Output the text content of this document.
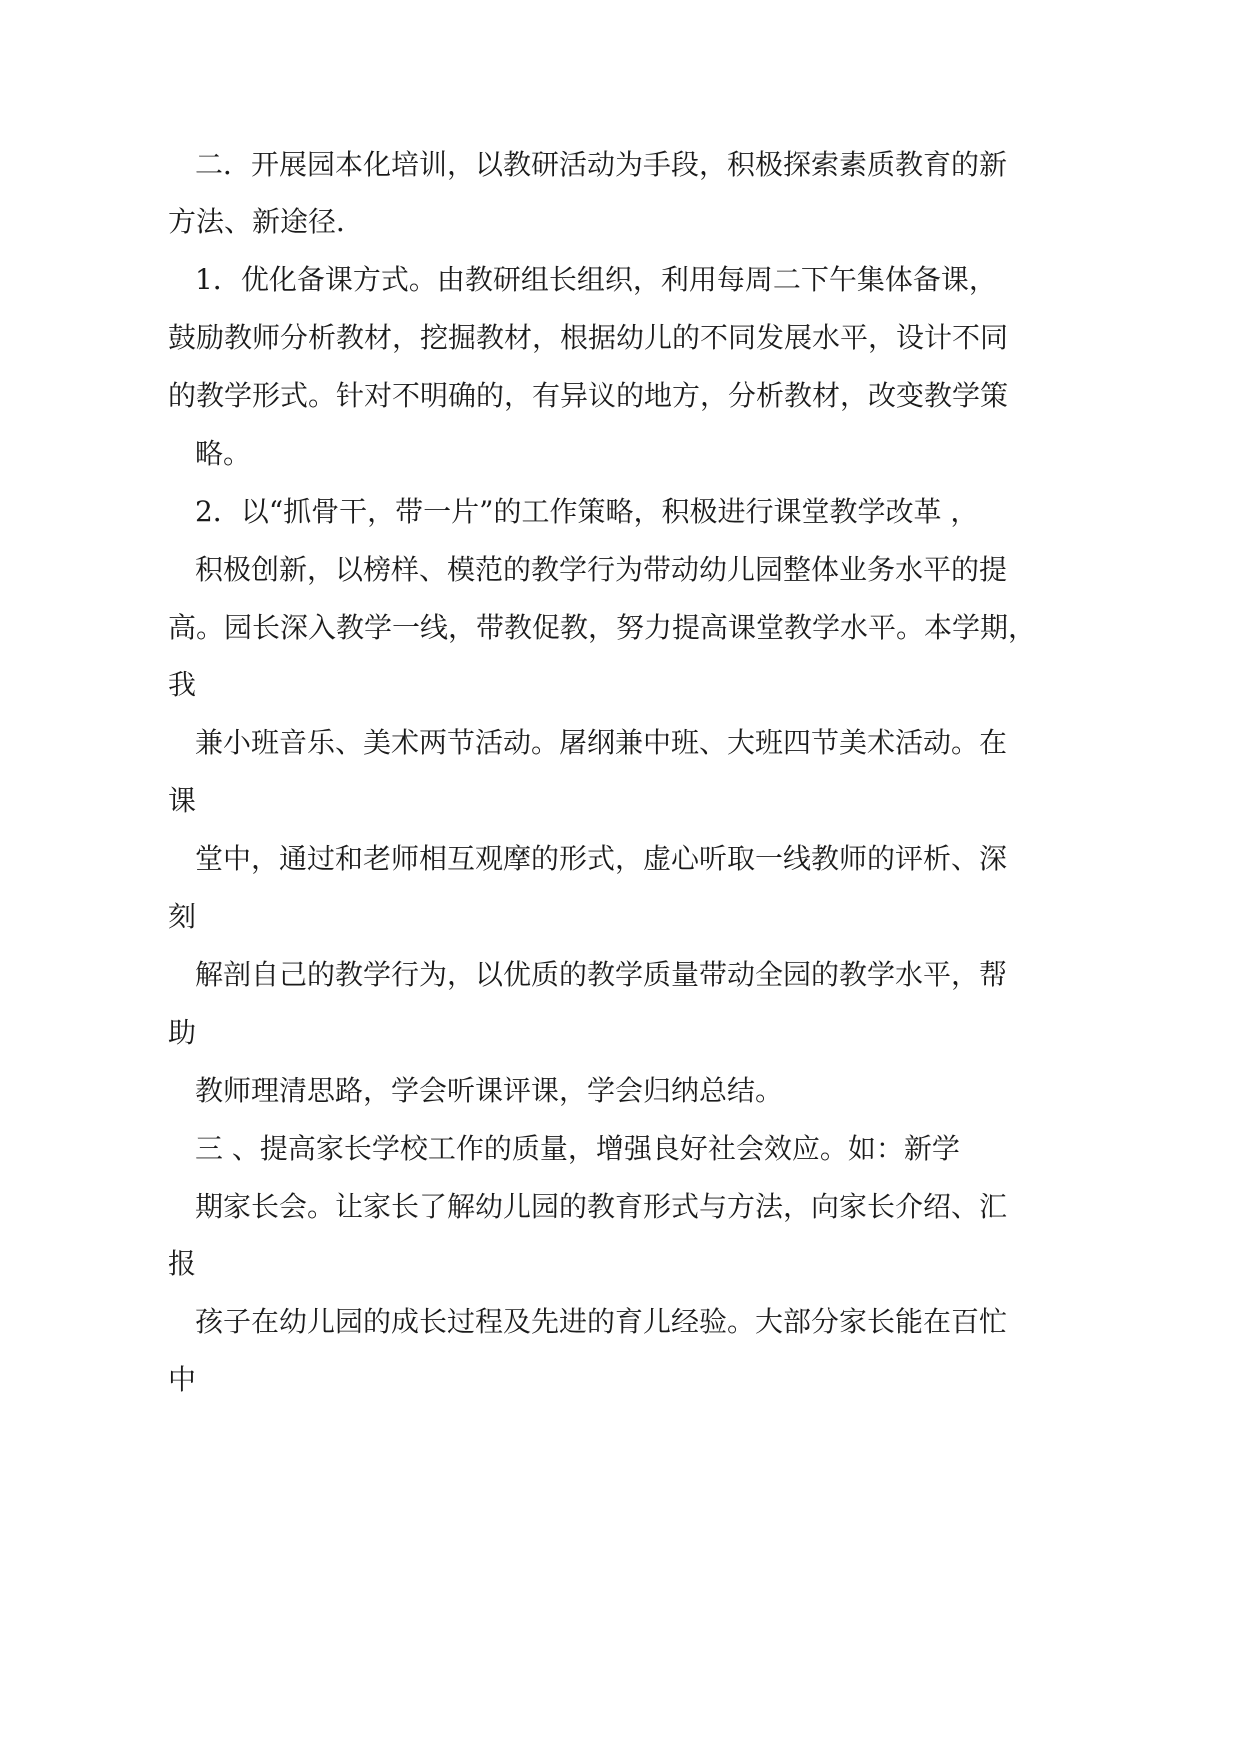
二．开展园本化培训，以教研活动为手段，积极探索素质教育的新
方法、新途径．
1．优化备课方式。由教研组长组织，利用每周二下午集体备课，
鼓励教师分析教材，挖掘教材，根据幼儿的不同发展水平，设计不同
的教学形式。针对不明确的，有异议的地方，分析教材，改变教学策
略。
2．以“抓骨干，带一片”的工作策略，积极进行课堂教学改革 ，
积极创新，以榜样、模范的教学行为带动幼儿园整体业务水平的提
高。园长深入教学一线，带教促教，努力提高课堂教学水平。本学期，
我
兼小班音乐、美术两节活动。屠纲兼中班、大班四节美术活动。在
课
堂中，通过和老师相互观摩的形式，虚心听取一线教师的评析、深
刻
解剖自己的教学行为，以优质的教学质量带动全园的教学水平，帮
助
教师理清思路，学会听课评课，学会归纳总结。
三 、提高家长学校工作的质量，增强良好社会效应。如：新学
期家长会。让家长了解幼儿园的教育形式与方法，向家长介绍、汇
报
孩子在幼儿园的成长过程及先进的育儿经验。大部分家长能在百忙
中
